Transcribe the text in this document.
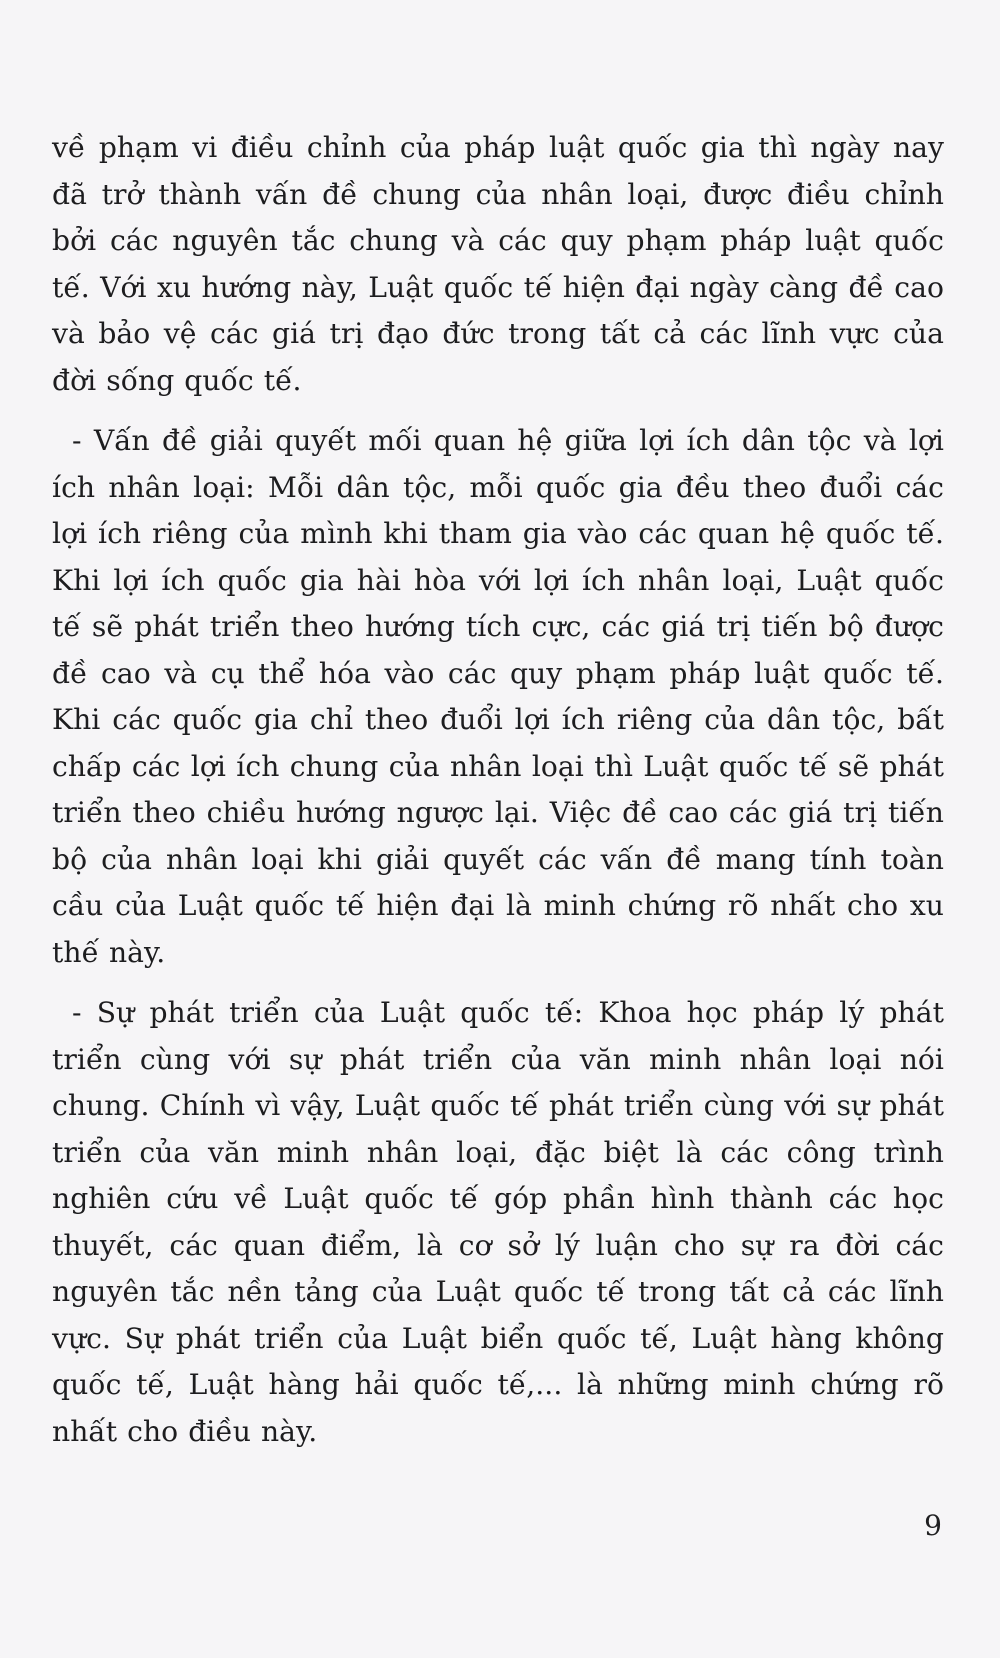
về phạm vi điều chỉnh của pháp luật quốc gia thì ngày nay đã trở thành vấn đề chung của nhân loại, được điều chỉnh bởi các nguyên tắc chung và các quy phạm pháp luật quốc tế. Với xu hướng này, Luật quốc tế hiện đại ngày càng đề cao và bảo vệ các giá trị đạo đức trong tất cả các lĩnh vực của đời sống quốc tế.

- Vấn đề giải quyết mối quan hệ giữa lợi ích dân tộc và lợi ích nhân loại: Mỗi dân tộc, mỗi quốc gia đều theo đuổi các lợi ích riêng của mình khi tham gia vào các quan hệ quốc tế. Khi lợi ích quốc gia hài hòa với lợi ích nhân loại, Luật quốc tế sẽ phát triển theo hướng tích cực, các giá trị tiến bộ được đề cao và cụ thể hóa vào các quy phạm pháp luật quốc tế. Khi các quốc gia chỉ theo đuổi lợi ích riêng của dân tộc, bất chấp các lợi ích chung của nhân loại thì Luật quốc tế sẽ phát triển theo chiều hướng ngược lại. Việc đề cao các giá trị tiến bộ của nhân loại khi giải quyết các vấn đề mang tính toàn cầu của Luật quốc tế hiện đại là minh chứng rõ nhất cho xu thế này.

- Sự phát triển của Luật quốc tế: Khoa học pháp lý phát triển cùng với sự phát triển của văn minh nhân loại nói chung. Chính vì vậy, Luật quốc tế phát triển cùng với sự phát triển của văn minh nhân loại, đặc biệt là các công trình nghiên cứu về Luật quốc tế góp phần hình thành các học thuyết, các quan điểm, là cơ sở lý luận cho sự ra đời các nguyên tắc nền tảng của Luật quốc tế trong tất cả các lĩnh vực. Sự phát triển của Luật biển quốc tế, Luật hàng không quốc tế, Luật hàng hải quốc tế,... là những minh chứng rõ nhất cho điều này.

9
